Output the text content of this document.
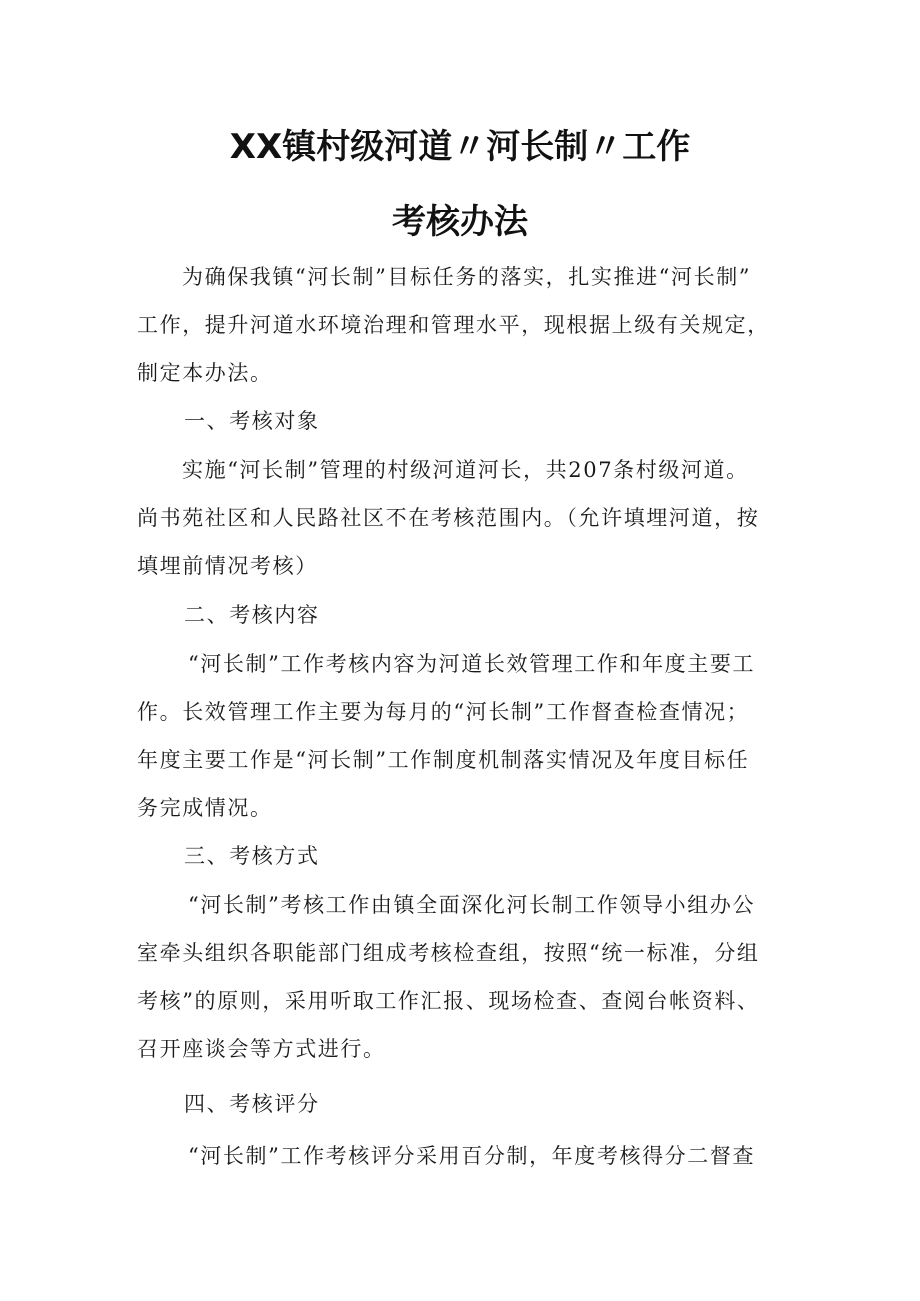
XX镇村级河道〃河长制〃工作
考核办法
为确保我镇“河长制”目标任务的落实，扎实推进“河长制”
工作，提升河道水环境治理和管理水平，现根据上级有关规定，
制定本办法。
一、考核对象
实施“河长制”管理的村级河道河长，共207条村级河道。
尚书苑社区和人民路社区不在考核范围内。（允许填埋河道，按
填埋前情况考核）
二、考核内容
“河长制”工作考核内容为河道长效管理工作和年度主要工
作。长效管理工作主要为每月的“河长制”工作督查检查情况；
年度主要工作是“河长制”工作制度机制落实情况及年度目标任
务完成情况。
三、考核方式
“河长制”考核工作由镇全面深化河长制工作领导小组办公
室牵头组织各职能部门组成考核检查组，按照“统一标准，分组
考核”的原则，采用听取工作汇报、现场检查、查阅台帐资料、
召开座谈会等方式进行。
四、考核评分
“河长制”工作考核评分采用百分制，年度考核得分二督查
